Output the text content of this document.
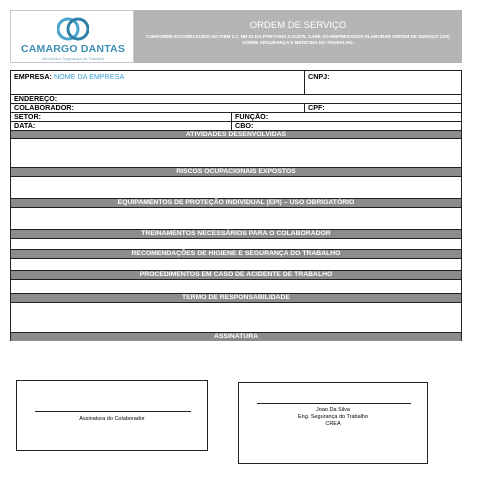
CAMARGO DANTAS
Medicina e Segurança do Trabalho
ORDEM DE SERVIÇO
CONFORME ESTABELECIDO NO ITEM 1.7, NR 01 DA PORTARIA 3.214/78, CABE AO EMPREGADOR ELABORAR ORDEM DE SERVIÇO (OS) SOBRE SEGURANÇA E MEDICINA DO TRABALHO.
EMPRESA: NOME DA EMPRESA	CNPJ:
ENDEREÇO:
COLABORADOR:	CPF:
SETOR:	FUNÇÃO:
DATA:	CBO:
ATIVIDADES DESENVOLVIDAS
RISCOS OCUPACIONAIS EXPOSTOS
EQUIPAMENTOS DE PROTEÇÃO INDIVIDUAL (EPI) – USO OBRIGATÓRIO
TREINAMENTOS NECESSÁRIOS PARA O COLABORADOR
RECOMENDAÇÕES DE HIGIENE E SEGURANÇA DO TRABALHO
PROCEDIMENTOS EM CASO DE ACIDENTE DE TRABALHO
TERMO DE RESPONSABILIDADE
ASSINATURA
Assinatura do Colaborador
Joao Da Silva
Eng. Segurança do Trabalho
CREA
